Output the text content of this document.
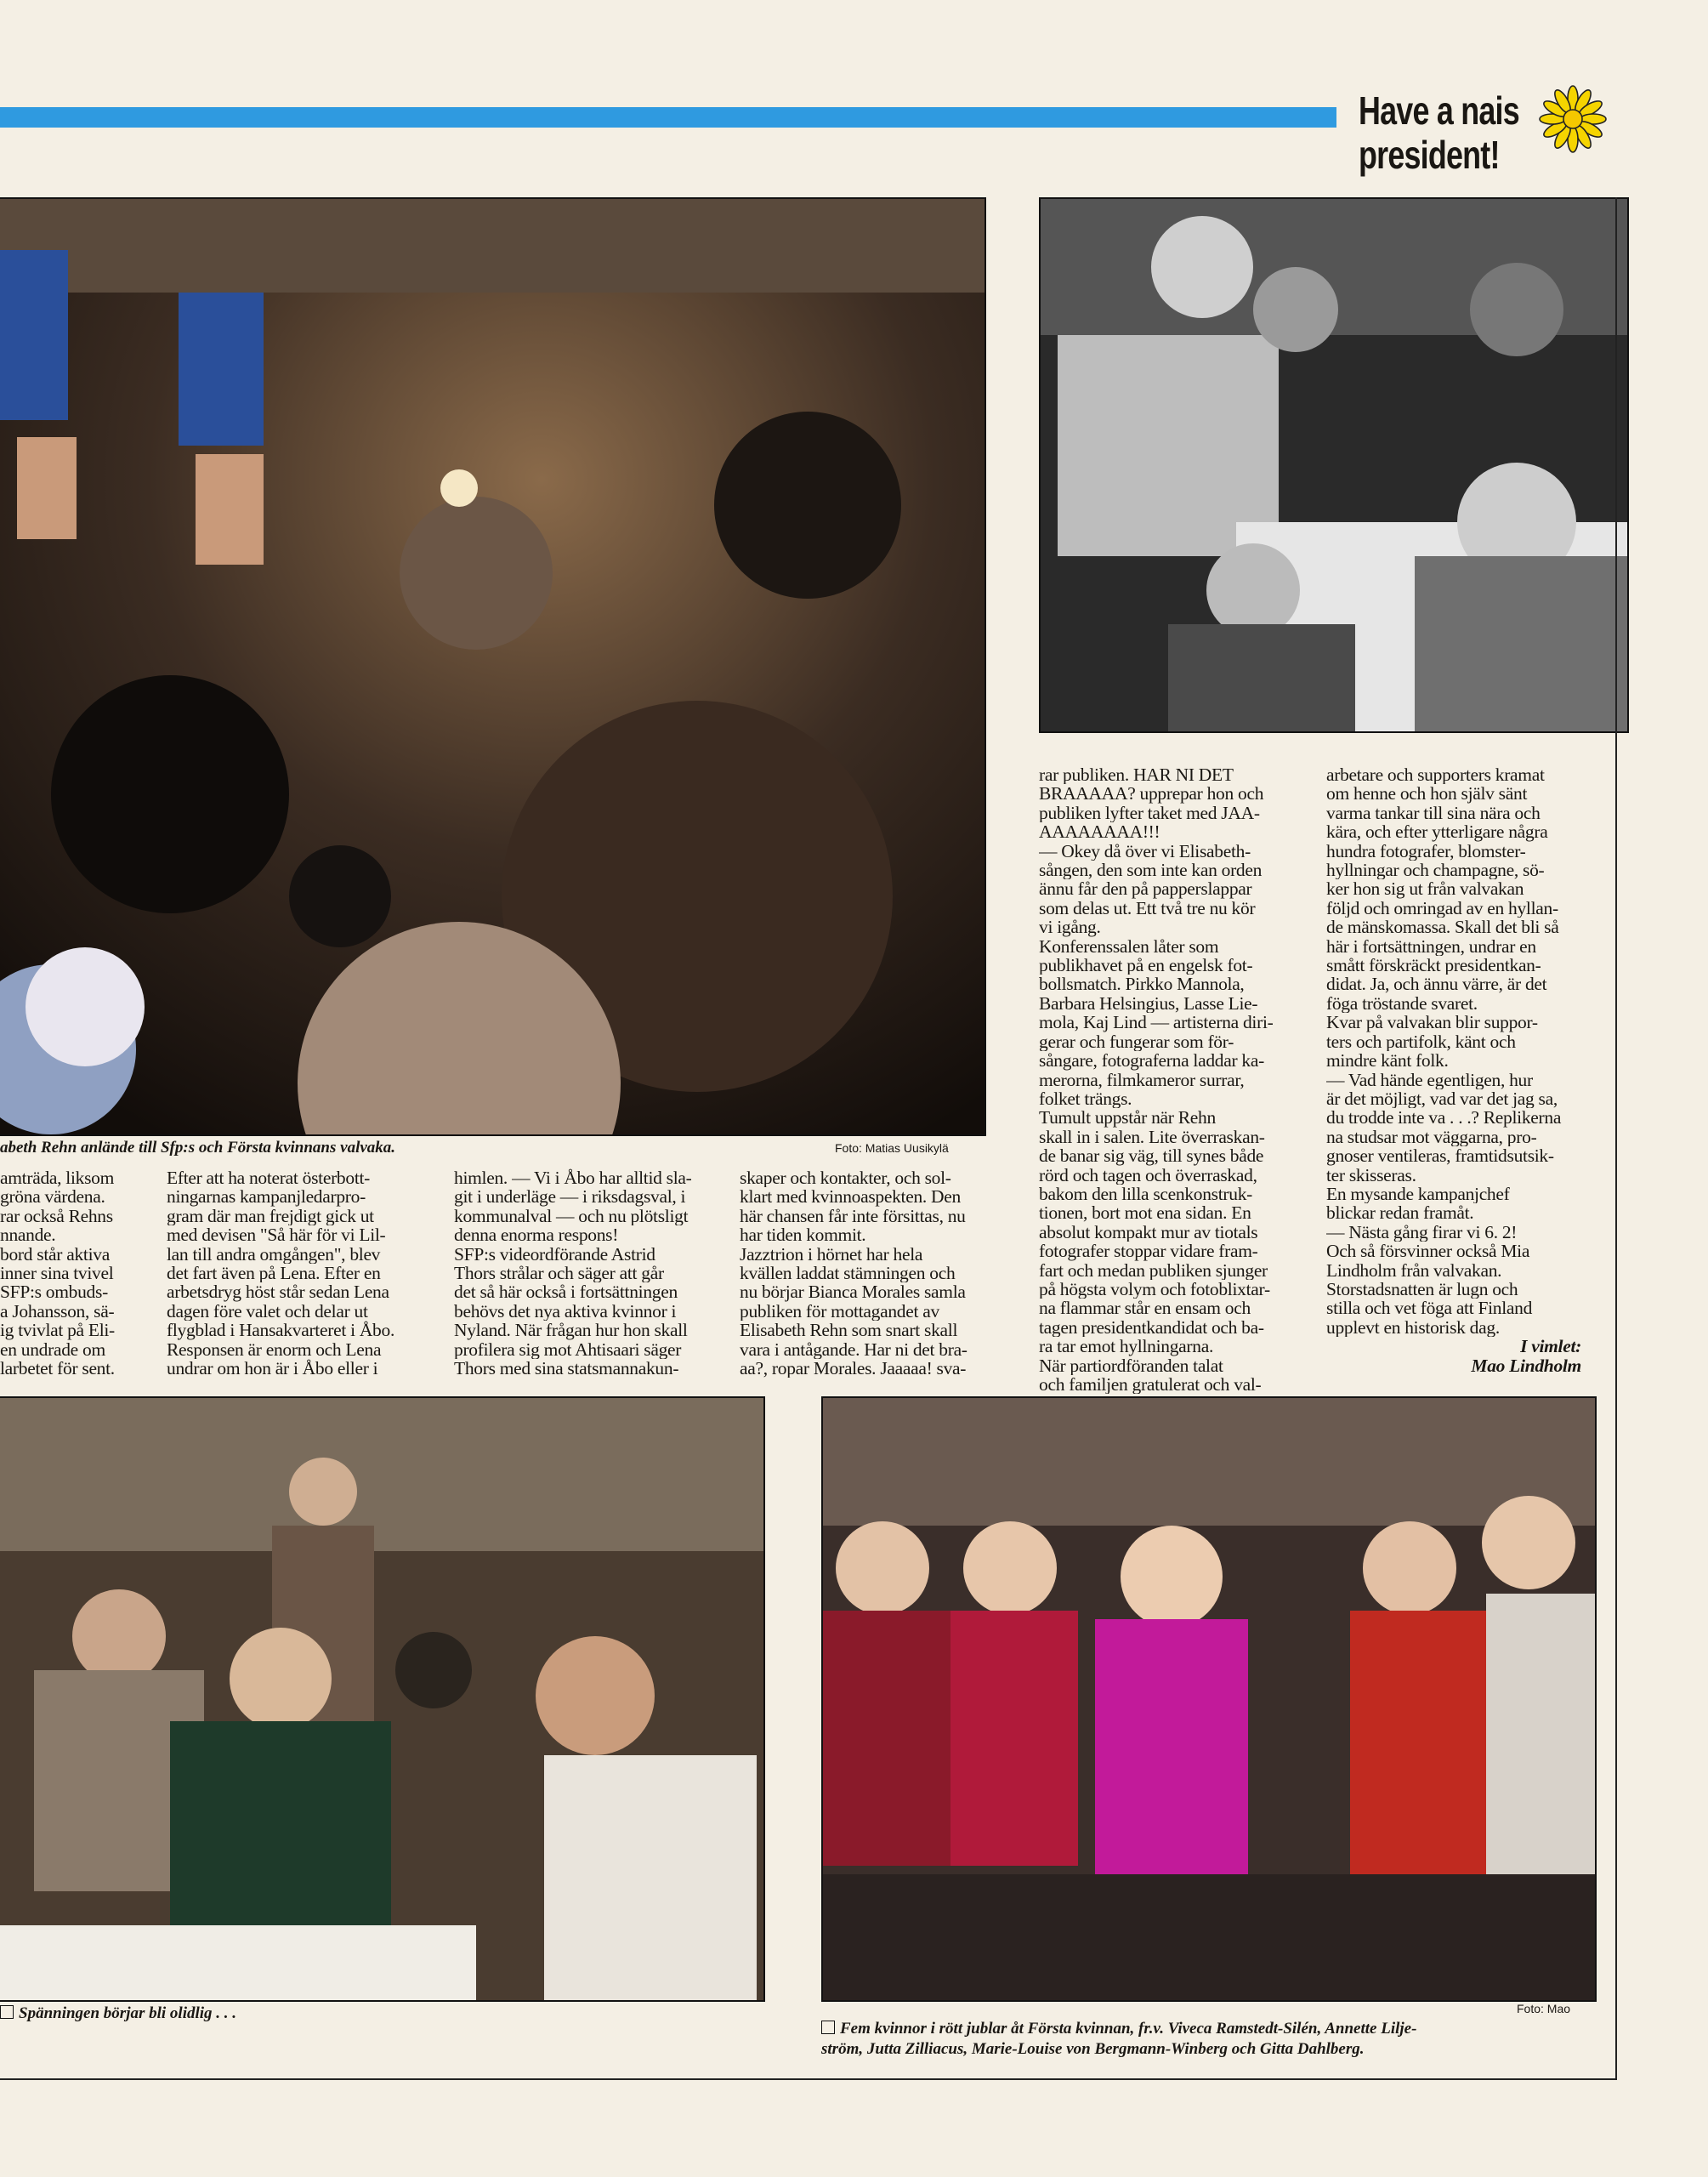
Have a nais
president!
abeth Rehn anlände till Sfp:s och Första kvinnans valvaka.	Foto: Matias Uusikylä
amträda, liksom
gröna värdena.
rar också Rehns
nnande.
bord står aktiva
inner sina tvivel
SFP:s ombuds-
a Johansson, sä-
ig tvivlat på Eli-
en undrade om
larbetet för sent.
Efter att ha noterat österbott-
ningarnas kampanjledarpro-
gram där man frejdigt gick ut
med devisen "Så här för vi Lil-
lan till andra omgången", blev
det fart även på Lena. Efter en
arbetsdryg höst står sedan Lena
dagen före valet och delar ut
flygblad i Hansakvarteret i Åbo.
Responsen är enorm och Lena
undrar om hon är i Åbo eller i
himlen. — Vi i Åbo har alltid sla-
git i underläge — i riksdagsval, i
kommunalval — och nu plötsligt
denna enorma respons!
SFP:s videordförande Astrid
Thors strålar och säger att går
det så här också i fortsättningen
behövs det nya aktiva kvinnor i
Nyland. När frågan hur hon skall
profilera sig mot Ahtisaari säger
Thors med sina statsmannakun-
skaper och kontakter, och sol-
klart med kvinnoaspekten. Den
här chansen får inte försittas, nu
har tiden kommit.
Jazztrion i hörnet har hela
kvällen laddat stämningen och
nu börjar Bianca Morales samla
publiken för mottagandet av
Elisabeth Rehn som snart skall
vara i antågande. Har ni det bra-
aa?, ropar Morales. Jaaaaa! sva-
rar publiken. HAR NI DET
BRAAAAA? upprepar hon och
publiken lyfter taket med JAA-
AAAAAAAA!!!
— Okey då över vi Elisabeth-
sången, den som inte kan orden
ännu får den på papperslappar
som delas ut. Ett två tre nu kör
vi igång.
Konferenssalen låter som
publikhavet på en engelsk fot-
bollsmatch. Pirkko Mannola,
Barbara Helsingius, Lasse Lie-
mola, Kaj Lind — artisterna diri-
gerar och fungerar som för-
sångare, fotograferna laddar ka-
merorna, filmkameror surrar,
folket trängs.
Tumult uppstår när Rehn
skall in i salen. Lite överraskan-
de banar sig väg, till synes både
rörd och tagen och överraskad,
bakom den lilla scenkonstruk-
tionen, bort mot ena sidan. En
absolut kompakt mur av tiotals
fotografer stoppar vidare fram-
fart och medan publiken sjunger
på högsta volym och fotoblixtar-
na flammar står en ensam och
tagen presidentkandidat och ba-
ra tar emot hyllningarna.
När partiordföranden talat
och familjen gratulerat och val-
arbetare och supporters kramat
om henne och hon själv sänt
varma tankar till sina nära och
kära, och efter ytterligare några
hundra fotografer, blomster-
hyllningar och champagne, sö-
ker hon sig ut från valvakan
följd och omringad av en hyllan-
de mänskomassa. Skall det bli så
här i fortsättningen, undrar en
smått förskräckt presidentkan-
didat. Ja, och ännu värre, är det
föga tröstande svaret.
Kvar på valvakan blir suppor-
ters och partifolk, känt och
mindre känt folk.
— Vad hände egentligen, hur
är det möjligt, vad var det jag sa,
du trodde inte va . . .? Replikerna
na studsar mot väggarna, pro-
gnoser ventileras, framtidsutsik-
ter skisseras.
En mysande kampanjchef
blickar redan framåt.
— Nästa gång firar vi 6. 2!
Och så försvinner också Mia
Lindholm från valvakan.
Storstadsnatten är lugn och
stilla och vet föga att Finland
upplevt en historisk dag.
I vimlet:
Mao Lindholm
Spänningen börjar bli olidlig . . .	Foto: Mao
Fem kvinnor i rött jublar åt Första kvinnan, fr.v. Viveca Ramstedt-Silén, Annette Lilje-
ström, Jutta Zilliacus, Marie-Louise von Bergmann-Winberg och Gitta Dahlberg.
